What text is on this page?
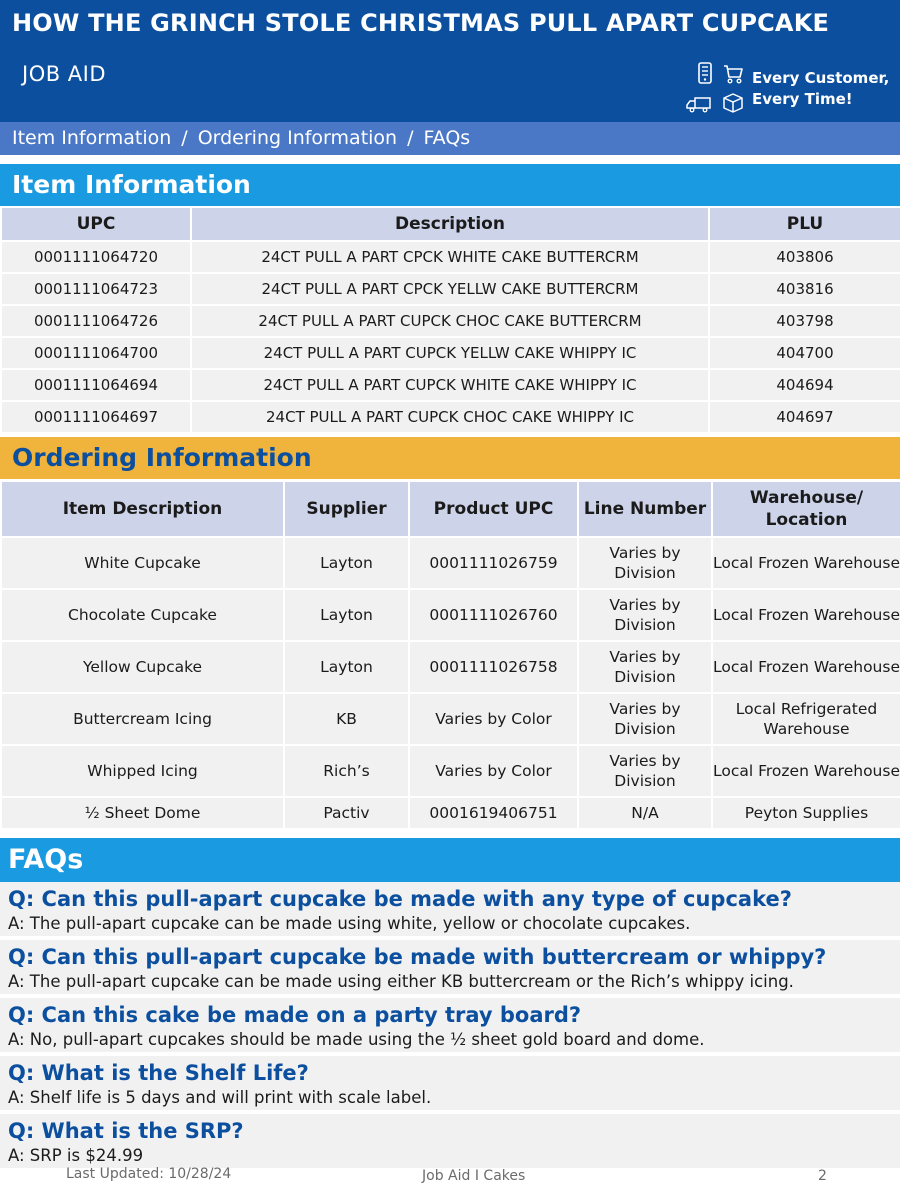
HOW THE GRINCH STOLE CHRISTMAS PULL APART CUPCAKE
JOB AID	Every Customer,
Every Time!
Item Information / Ordering Information / FAQs
Item Information
UPC	Description	PLU
0001111064720	24CT PULL A PART CPCK WHITE CAKE BUTTERCRM	403806
0001111064723	24CT PULL A PART CPCK YELLW CAKE BUTTERCRM	403816
0001111064726	24CT PULL A PART CUPCK CHOC CAKE BUTTERCRM	403798
0001111064700	24CT PULL A PART CUPCK YELLW CAKE WHIPPY IC	404700
0001111064694	24CT PULL A PART CUPCK WHITE CAKE WHIPPY IC	404694
0001111064697	24CT PULL A PART CUPCK CHOC CAKE WHIPPY IC	404697
Ordering Information
Item Description	Supplier	Product UPC	Line Number	Warehouse/ Location
White Cupcake	Layton	0001111026759	Varies by Division	Local Frozen Warehouse
Chocolate Cupcake	Layton	0001111026760	Varies by Division	Local Frozen Warehouse
Yellow Cupcake	Layton	0001111026758	Varies by Division	Local Frozen Warehouse
Buttercream Icing	KB	Varies by Color	Varies by Division	Local Refrigerated Warehouse
Whipped Icing	Rich’s	Varies by Color	Varies by Division	Local Frozen Warehouse
½ Sheet Dome	Pactiv	0001619406751	N/A	Peyton Supplies
FAQs
Q: Can this pull-apart cupcake be made with any type of cupcake?
A: The pull-apart cupcake can be made using white, yellow or chocolate cupcakes.
Q: Can this pull-apart cupcake be made with buttercream or whippy?
A: The pull-apart cupcake can be made using either KB buttercream or the Rich’s whippy icing.
Q: Can this cake be made on a party tray board?
A: No, pull-apart cupcakes should be made using the ½ sheet gold board and dome.
Q: What is the Shelf Life?
A: Shelf life is 5 days and will print with scale label.
Q: What is the SRP?
A: SRP is $24.99
Last Updated: 10/28/24	Job Aid I Cakes	2
